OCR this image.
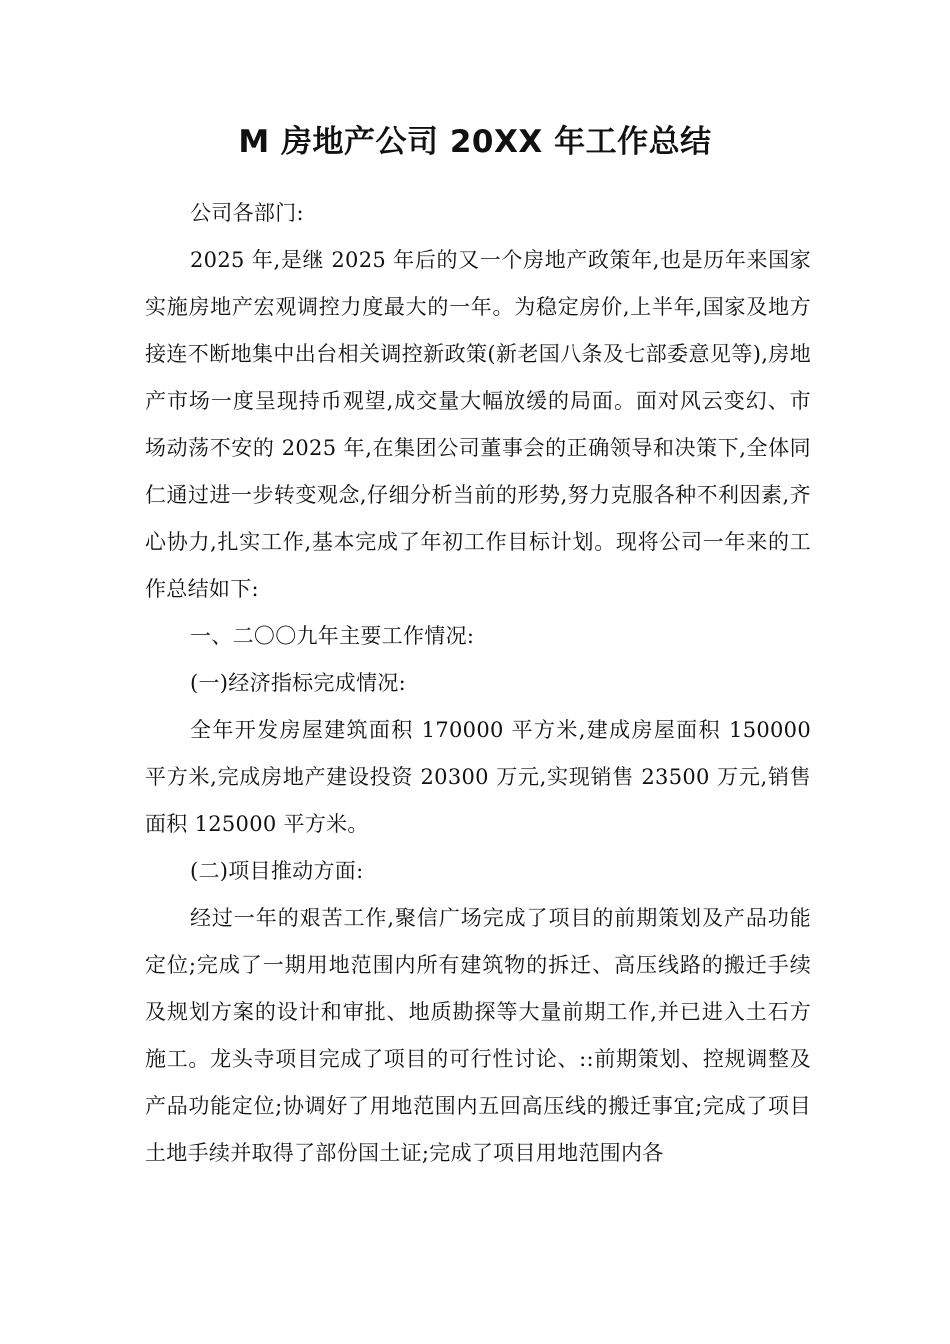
M 房地产公司 20XX 年工作总结

公司各部门:

2025 年,是继 2025 年后的又一个房地产政策年,也是历年来国家实施房地产宏观调控力度最大的一年。为稳定房价,上半年,国家及地方接连不断地集中出台相关调控新政策(新老国八条及七部委意见等),房地产市场一度呈现持币观望,成交量大幅放缓的局面。面对风云变幻、市场动荡不安的 2025 年,在集团公司董事会的正确领导和决策下,全体同仁通过进一步转变观念,仔细分析当前的形势,努力克服各种不利因素,齐心协力,扎实工作,基本完成了年初工作目标计划。现将公司一年来的工作总结如下:

一、二〇〇九年主要工作情况:

(一)经济指标完成情况:

全年开发房屋建筑面积 170000 平方米,建成房屋面积 150000 平方米,完成房地产建设投资 20300 万元,实现销售 23500 万元,销售面积 125000 平方米。

(二)项目推动方面:

经过一年的艰苦工作,聚信广场完成了项目的前期策划及产品功能定位;完成了一期用地范围内所有建筑物的拆迁、高压线路的搬迁手续及规划方案的设计和审批、地质勘探等大量前期工作,并已进入土石方施工。龙头寺项目完成了项目的可行性讨论、::前期策划、控规调整及产品功能定位;协调好了用地范围内五回高压线的搬迁事宜;完成了项目土地手续并取得了部份国土证;完成了项目用地范围内各
